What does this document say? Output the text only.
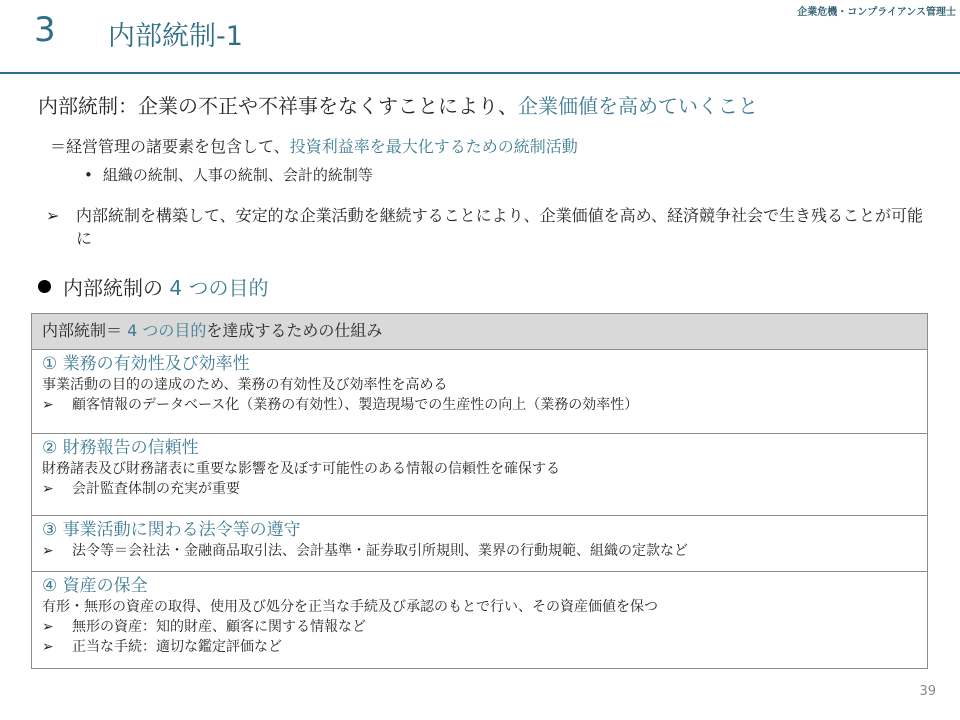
3 内部統制-1
企業危機・コンプライアンス管理士
内部統制：企業の不正や不祥事をなくすことにより、企業価値を高めていくこと
＝経営管理の諸要素を包含して、投資利益率を最大化するための統制活動
• 組織の統制、人事の統制、会計的統制等
➢ 内部統制を構築して、安定的な企業活動を継続することにより、企業価値を高め、経済競争社会で生き残ることが可能に
内部統制の 4 つの目的
内部統制＝ 4 つの目的を達成するための仕組み
① 業務の有効性及び効率性
事業活動の目的の達成のため、業務の有効性及び効率性を高める
➢ 顧客情報のデータベース化（業務の有効性）、製造現場での生産性の向上（業務の効率性）
② 財務報告の信頼性
財務諸表及び財務諸表に重要な影響を及ぼす可能性のある情報の信頼性を確保する
➢ 会計監査体制の充実が重要
③ 事業活動に関わる法令等の遵守
➢ 法令等＝会社法・金融商品取引法、会計基準・証券取引所規則、業界の行動規範、組織の定款など
④ 資産の保全
有形・無形の資産の取得、使用及び処分を正当な手続及び承認のもとで行い、その資産価値を保つ
➢ 無形の資産：知的財産、顧客に関する情報など
➢ 正当な手続：適切な鑑定評価など
39
